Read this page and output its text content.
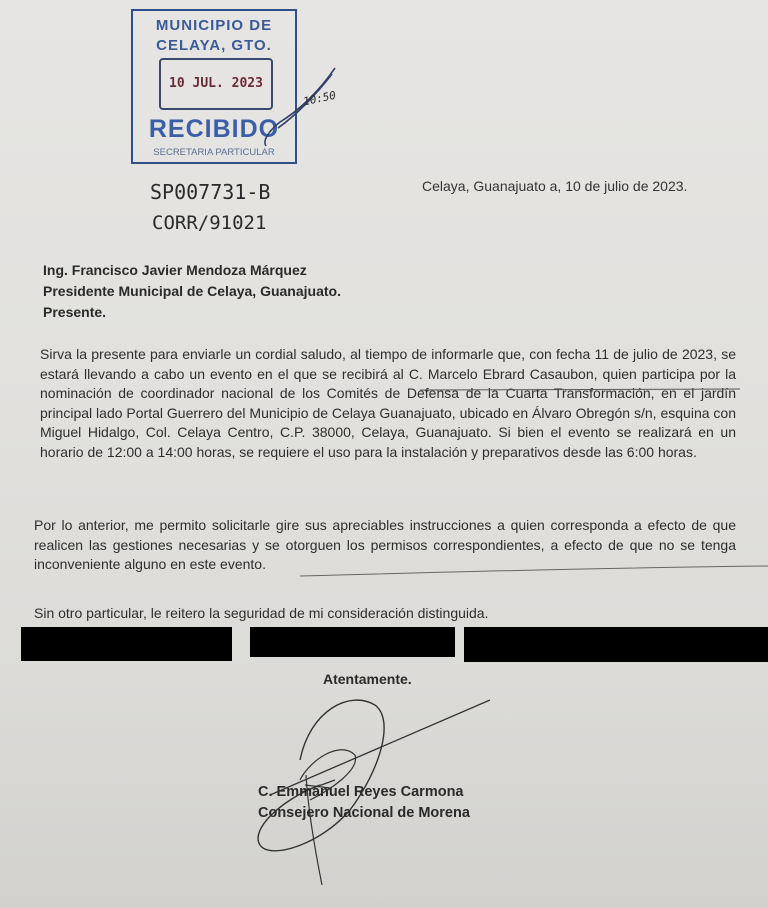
MUNICIPIO DE
CELAYA, GTO.
10 JUL. 2023
RECIBIDO
SECRETARIA PARTICULAR
10:50
SP007731-B
CORR/91021
Celaya, Guanajuato a, 10 de julio de 2023.
Ing. Francisco Javier Mendoza Márquez
Presidente Municipal de Celaya, Guanajuato.
Presente.
Sirva la presente para enviarle un cordial saludo, al tiempo de informarle que, con fecha 11 de julio de 2023, se estará llevando a cabo un evento en el que se recibirá al C. Marcelo Ebrard Casaubon, quien participa por la nominación de coordinador nacional de los Comités de Defensa de la Cuarta Transformación, en el jardín principal lado Portal Guerrero del Municipio de Celaya Guanajuato, ubicado en Álvaro Obregón s/n, esquina con Miguel Hidalgo, Col. Celaya Centro, C.P. 38000, Celaya, Guanajuato. Si bien el evento se realizará en un horario de 12:00 a 14:00 horas, se requiere el uso para la instalación y preparativos desde las 6:00 horas.
Por lo anterior, me permito solicitarle gire sus apreciables instrucciones a quien corresponda a efecto de que realicen las gestiones necesarias y se otorguen los permisos correspondientes, a efecto de que no se tenga inconveniente alguno en este evento.
Sin otro particular, le reitero la seguridad de mi consideración distinguida.
Atentamente.
C. Emmanuel Reyes Carmona
Consejero Nacional de Morena
